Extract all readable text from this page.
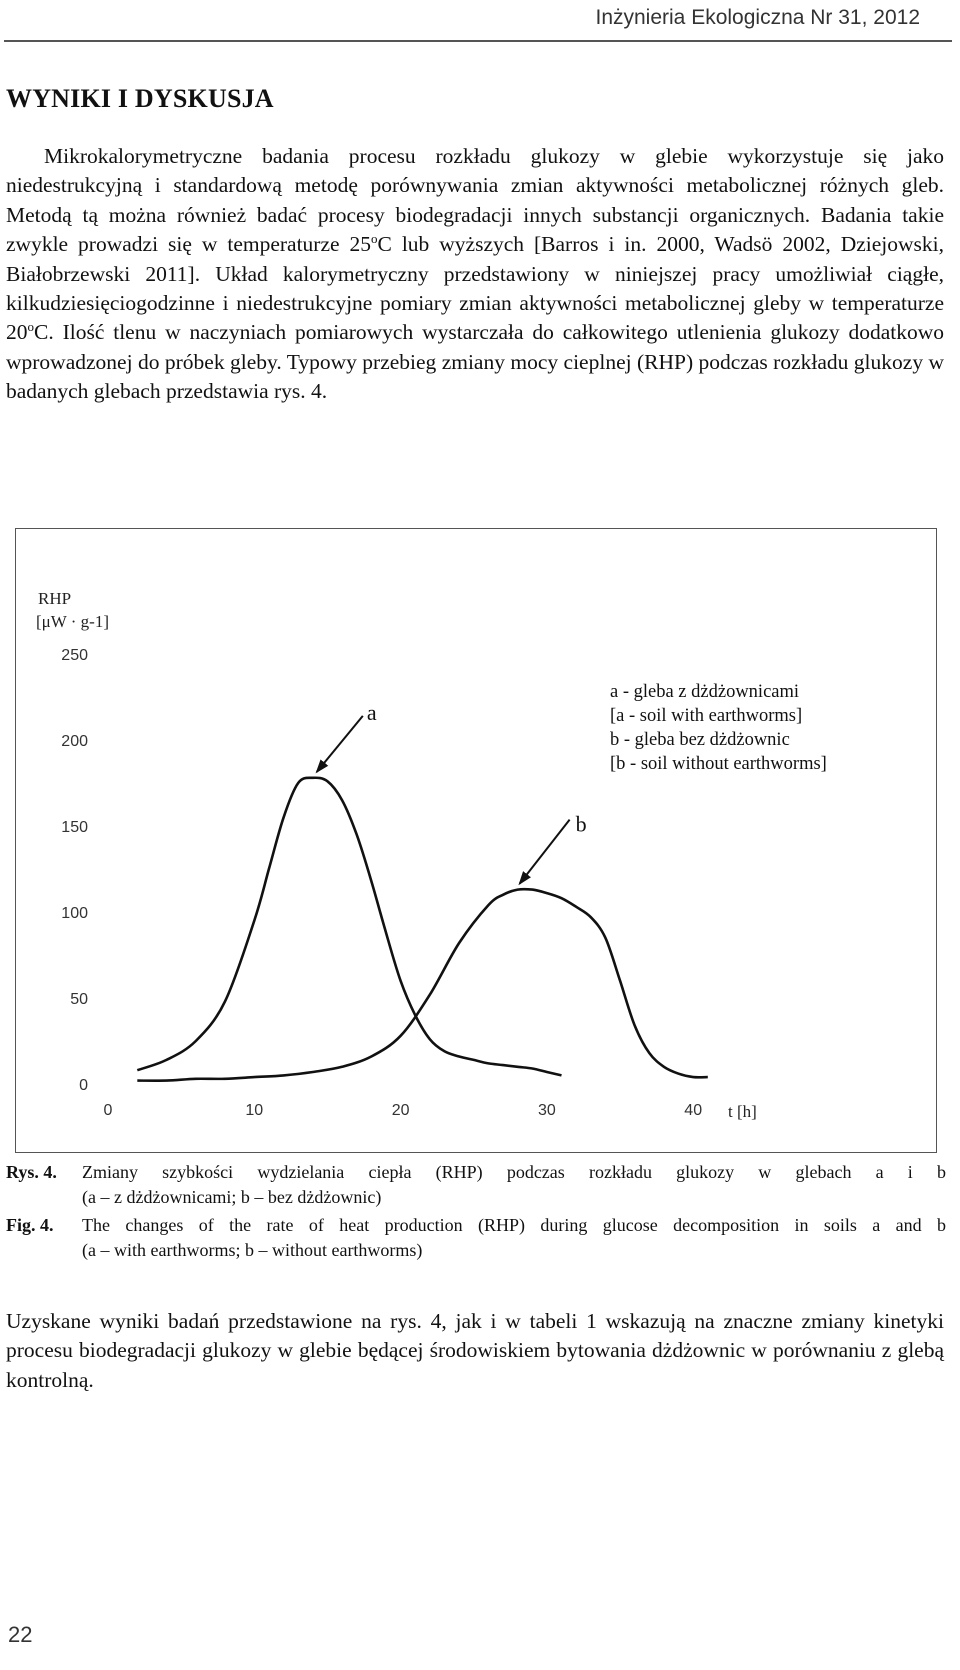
Inżynieria Ekologiczna Nr 31, 2012
WYNIKI I DYSKUSJA

Mikrokalorymetryczne badania procesu rozkładu glukozy w glebie wykorzystuje się jako niedestrukcyjną i standardową metodę porównywania zmian aktywności metabolicznej różnych gleb. Metodą tą można również badać procesy biodegradacji innych substancji organicznych. Badania takie zwykle prowadzi się w temperaturze 25$^o$C lub wyższych [Barros i in. 2000, Wadsö 2002, Dziejowski, Białobrzewski 2011]. Układ kalorymetryczny przedstawiony w niniejszej pracy umożliwiał ciągłe, kilkudziesięciogodzinne i niedestrukcyjne pomiary zmian aktywności metabolicznej gleby w temperaturze 20$^o$C. Ilość tlenu w naczyniach pomiarowych wystarczała do całkowitego utlenienia glukozy dodatkowo wprowadzonej do próbek gleby. Typowy przebieg zmiany mocy cieplnej (RHP) podczas rozkładu glukozy w badanych glebach przedstawia rys. 4.

RHP
[μW · g-1]
0
50
100
150
200
250
0	10	20	30	40 t [h]
a
b
a - gleba z dżdżownicami
[a - soil with earthworms]
b - gleba bez dżdżownic
[b - soil without earthworms]
Rys. 4.	Zmiany szybkości wydzielania ciepła (RHP) podczas rozkładu glukozy w glebach a i b
(a – z dżdżownicami; b – bez dżdżownic)
Fig. 4.	The changes of the rate of heat production (RHP) during glucose decomposition in soils a and b
(a – with earthworms; b – without earthworms)

Uzyskane wyniki badań przedstawione na rys. 4, jak i w tabeli 1 wskazują na znaczne zmiany kinetyki procesu biodegradacji glukozy w glebie będącej środowiskiem bytowania dżdżownic w porównaniu z glebą kontrolną.

22
